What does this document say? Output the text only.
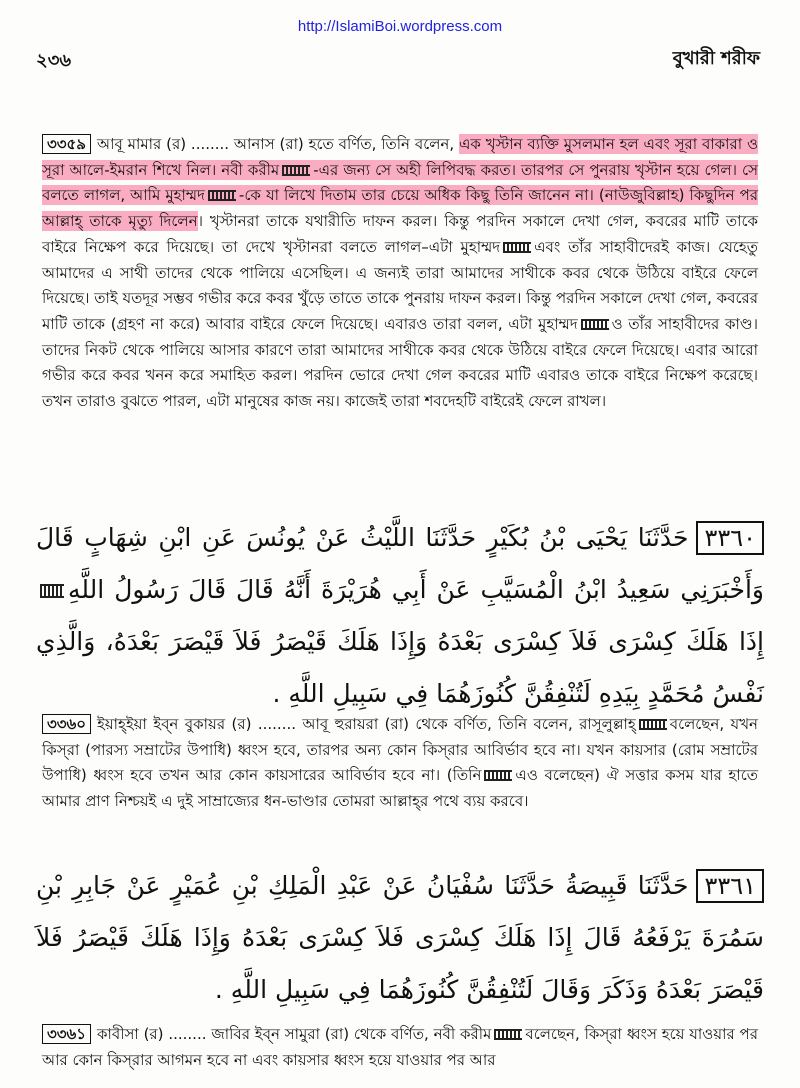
http://IslamiBoi.wordpress.com
২৩৬	বুখারী শরীফ

৩৩৫৯ আবূ মামার (র) ........ আনাস (রা) হতে বর্ণিত, তিনি বলেন, এক খৃস্টান ব্যক্তি মুসলমান হল এবং সূরা বাকারা ও সূরা আলে-ইমরান শিখে নিল। নবী করীম -এর জন্য সে অহী লিপিবদ্ধ করত। তারপর সে পুনরায় খৃস্টান হয়ে গেল। সে বলতে লাগল, আমি মুহাম্মদ -কে যা লিখে দিতাম তার চেয়ে অধিক কিছু তিনি জানেন না। (নাউজুবিল্লাহ) কিছুদিন পর আল্লাহ্ তাকে মৃত্যু দিলেন। খৃস্টানরা তাকে যথারীতি দাফন করল। কিন্তু পরদিন সকালে দেখা গেল, কবরের মাটি তাকে বাইরে নিক্ষেপ করে দিয়েছে। তা দেখে খৃস্টানরা বলতে লাগল–এটা মুহাম্মদ এবং তাঁর সাহাবীদেরই কাজ। যেহেতু আমাদের এ সাথী তাদের থেকে পালিয়ে এসেছিল। এ জন্যই তারা আমাদের সাথীকে কবর থেকে উঠিয়ে বাইরে ফেলে দিয়েছে। তাই যতদূর সম্ভব গভীর করে কবর খুঁড়ে তাতে তাকে পুনরায় দাফন করল। কিন্তু পরদিন সকালে দেখা গেল, কবরের মাটি তাকে (গ্রহণ না করে) আবার বাইরে ফেলে দিয়েছে। এবারও তারা বলল, এটা মুহাম্মদ ও তাঁর সাহাবীদের কাণ্ড। তাদের নিকট থেকে পালিয়ে আসার কারণে তারা আমাদের সাথীকে কবর থেকে উঠিয়ে বাইরে ফেলে দিয়েছে। এবার আরো গভীর করে কবর খনন করে সমাহিত করল। পরদিন ভোরে দেখা গেল কবরের মাটি এবারও তাকে বাইরে নিক্ষেপ করেছে। তখন তারাও বুঝতে পারল, এটা মানুষের কাজ নয়। কাজেই তারা শবদেহটি বাইরেই ফেলে রাখল।

٣٣٦٠حَدَّثَنَا يَحْيَى بْنُ بُكَيْرٍ حَدَّثَنَا اللَّيْثُ عَنْ يُونُسَ عَنِ ابْنِ شِهَابٍ قَالَ وَأَخْبَرَنِي سَعِيدُ ابْنُ الْمُسَيَّبِ عَنْ أَبِي هُرَيْرَةَ أَنَّهُ قَالَ قَالَ رَسُولُ اللَّهِإِذَا هَلَكَ كِسْرَى فَلاَ كِسْرَى بَعْدَهُ وَإِذَا هَلَكَ قَيْصَرُ فَلاَ قَيْصَرَ بَعْدَهُ، وَالَّذِي نَفْسُ مُحَمَّدٍ بِيَدِهِ لَتُنْفِقُنَّ كُنُوزَهُمَا فِي سَبِيلِ اللَّهِ .

৩৩৬০ ইয়াহ্ইয়া ইব্‌ন বুকায়র (র) ........ আবূ হুরায়রা (রা) থেকে বর্ণিত, তিনি বলেন, রাসূলুল্লাহ্ বলেছেন, যখন কিস্‌রা (পারস্য সম্রাটের উপাধি) ধ্বংস হবে, তারপর অন্য কোন কিস্‌রার আবির্ভাব হবে না। যখন কায়সার (রোম সম্রাটের উপাধি) ধ্বংস হবে তখন আর কোন কায়সারের আবির্ভাব হবে না। (তিনি এও বলেছেন) ঐ সত্তার কসম যার হাতে আমার প্রাণ নিশ্চয়ই এ দুই সাম্রাজ্যের ধন-ভাণ্ডার তোমরা আল্লাহ্‌র পথে ব্যয় করবে।

٣٣٦١حَدَّثَنَا قَبِيصَةُ حَدَّثَنَا سُفْيَانُ عَنْ عَبْدِ الْمَلِكِ بْنِ عُمَيْرٍ عَنْ جَابِرِ بْنِ سَمُرَةَ يَرْفَعُهُ قَالَ إِذَا هَلَكَ كِسْرَى فَلاَ كِسْرَى بَعْدَهُ وَإِذَا هَلَكَ قَيْصَرُ فَلاَ قَيْصَرَ بَعْدَهُ وَذَكَرَ وَقَالَ لَتُنْفِقُنَّ كُنُوزَهُمَا فِي سَبِيلِ اللَّهِ .

৩৩৬১ কাবীসা (র) ........ জাবির ইব্‌ন সামুরা (রা) থেকে বর্ণিত, নবী করীম বলেছেন, কিস্‌রা ধ্বংস হয়ে যাওয়ার পর আর কোন কিস্‌রার আগমন হবে না এবং কায়সার ধ্বংস হয়ে যাওয়ার পর আর
